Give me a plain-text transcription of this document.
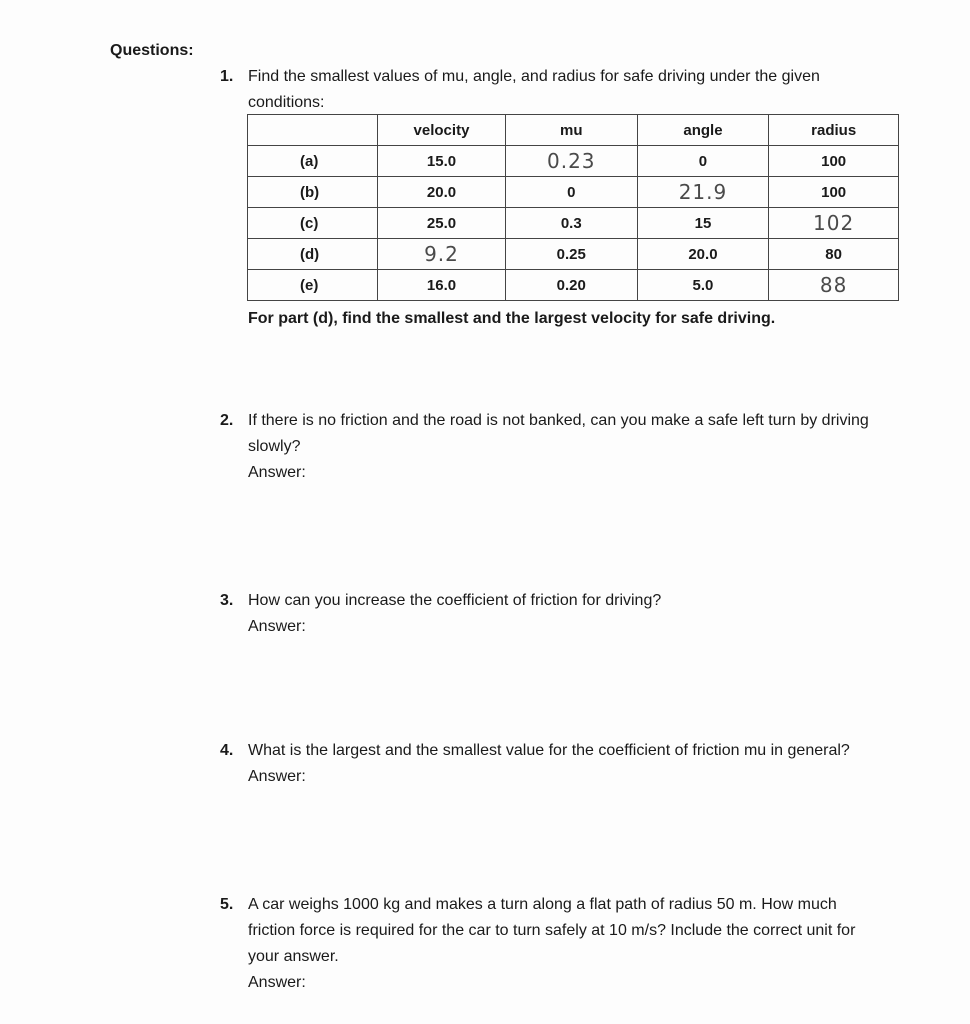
Questions:
1. Find the smallest values of mu, angle, and radius for safe driving under the given conditions:
	velocity	mu	angle	radius
(a)	15.0	0.23	0	100
(b)	20.0	0	21.9	100
(c)	25.0	0.3	15	102
(d)	9.2	0.25	20.0	80
(e)	16.0	0.20	5.0	88
For part (d), find the smallest and the largest velocity for safe driving.
2. If there is no friction and the road is not banked, can you make a safe left turn by driving slowly?
Answer:
3. How can you increase the coefficient of friction for driving?
Answer:
4. What is the largest and the smallest value for the coefficient of friction mu in general?
Answer:
5. A car weighs 1000 kg and makes a turn along a flat path of radius 50 m. How much friction force is required for the car to turn safely at 10 m/s? Include the correct unit for your answer.
Answer:
